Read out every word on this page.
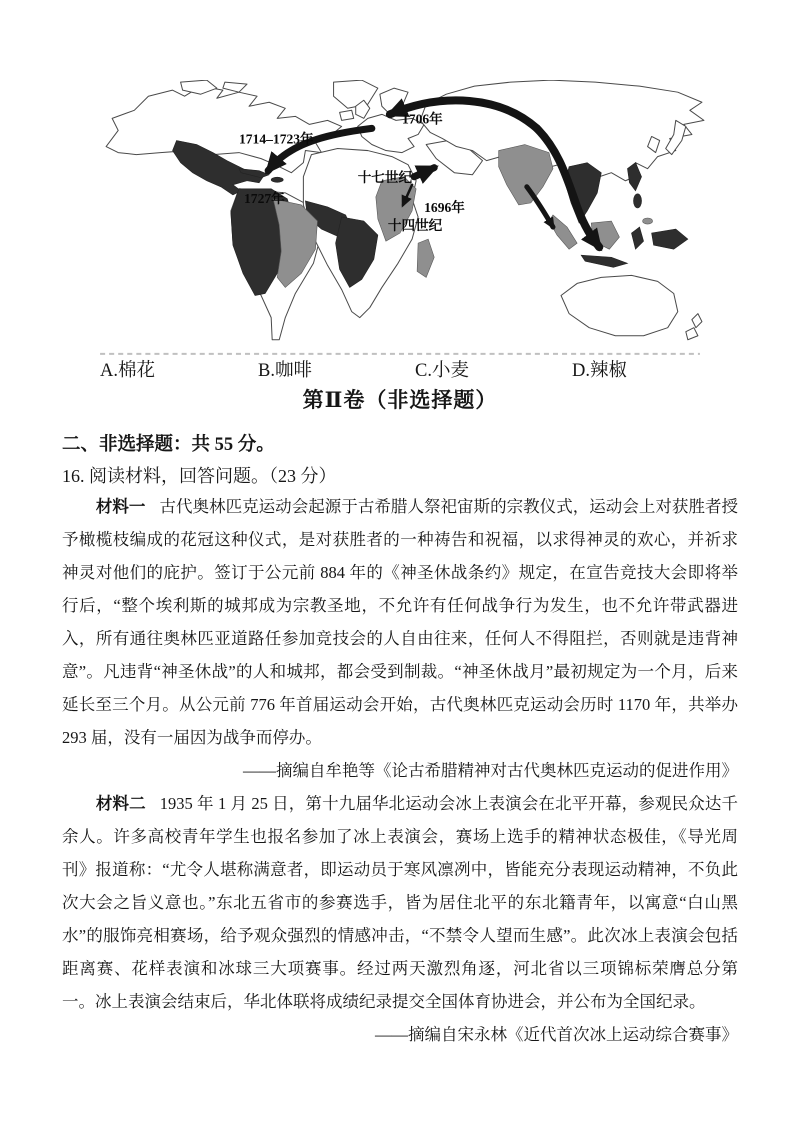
1706年
1714–1723年
1727年
十七世纪
1696年
十四世纪
A.棉花	B.咖啡	C.小麦	D.辣椒
第Ⅱ卷（非选择题）
二、非选择题：共 55 分。

16. 阅读材料，回答问题。（23 分）

材料一 古代奥林匹克运动会起源于古希腊人祭祀宙斯的宗教仪式，运动会上对获胜者授予橄榄枝编成的花冠这种仪式，是对获胜者的一种祷告和祝福，以求得神灵的欢心，并祈求神灵对他们的庇护。签订于公元前 884 年的《神圣休战条约》规定，在宣告竞技大会即将举行后，“整个埃利斯的城邦成为宗教圣地，不允许有任何战争行为发生，也不允许带武器进入，所有通往奥林匹亚道路任参加竞技会的人自由往来，任何人不得阻拦，否则就是违背神意”。凡违背“神圣休战”的人和城邦，都会受到制裁。“神圣休战月”最初规定为一个月，后来延长至三个月。从公元前 776 年首届运动会开始，古代奥林匹克运动会历时 1170 年，共举办 293 届，没有一届因为战争而停办。

——摘编自牟艳等《论古希腊精神对古代奥林匹克运动的促进作用》

材料二 1935 年 1 月 25 日，第十九届华北运动会冰上表演会在北平开幕，参观民众达千余人。许多高校青年学生也报名参加了冰上表演会，赛场上选手的精神状态极佳，《导光周刊》报道称：“尤令人堪称满意者，即运动员于寒风凛冽中，皆能充分表现运动精神，不负此次大会之旨义意也。”东北五省市的参赛选手，皆为居住北平的东北籍青年，以寓意“白山黑水”的服饰亮相赛场，给予观众强烈的情感冲击，“不禁令人望而生感”。此次冰上表演会包括距离赛、花样表演和冰球三大项赛事。经过两天激烈角逐，河北省以三项锦标荣膺总分第一。冰上表演会结束后，华北体联将成绩纪录提交全国体育协进会，并公布为全国纪录。

——摘编自宋永林《近代首次冰上运动综合赛事》
